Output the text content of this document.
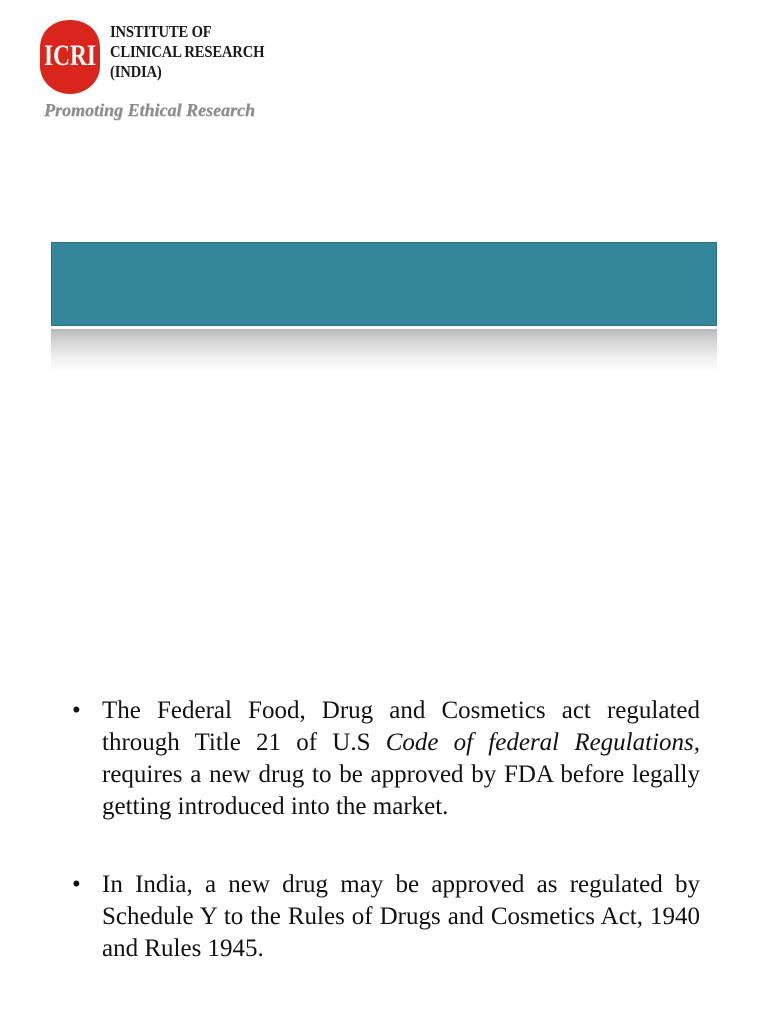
ICRI
INSTITUTE OF
CLINICAL RESEARCH
(INDIA)
Promoting Ethical Research
• The Federal Food, Drug and Cosmetics act regulated through Title 21 of U.S Code of federal Regulations, requires a new drug to be approved by FDA before legally getting introduced into the market.
• In India, a new drug may be approved as regulated by Schedule Y to the Rules of Drugs and Cosmetics Act, 1940 and Rules 1945.
